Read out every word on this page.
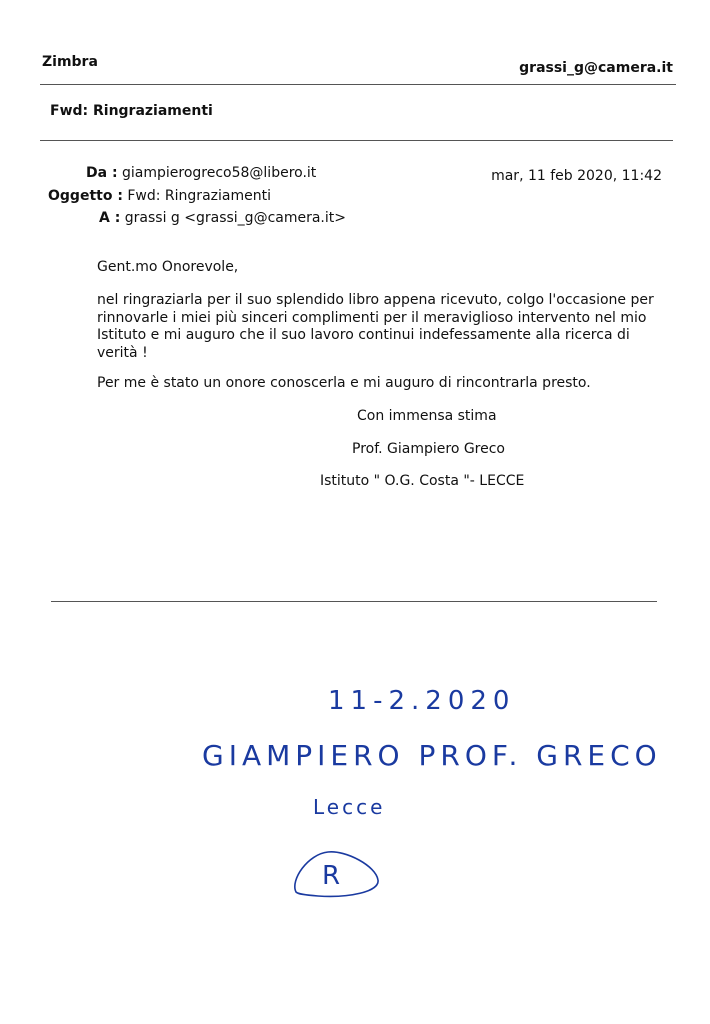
Zimbra	grassi_g@camera.it
Fwd: Ringraziamenti
Da : giampierogreco58@libero.it	mar, 11 feb 2020, 11:42
Oggetto : Fwd: Ringraziamenti
A : grassi g <grassi_g@camera.it>
Gent.mo Onorevole,
nel ringraziarla per il suo splendido libro appena ricevuto, colgo l'occasione per
rinnovarle i miei più sinceri complimenti per il meraviglioso intervento nel mio
Istituto e mi auguro che il suo lavoro continui indefessamente alla ricerca di
verità !
Per me è stato un onore conoscerla e mi auguro di rincontrarla presto.
Con immensa stima
Prof. Giampiero Greco
Istituto " O.G. Costa "- LECCE
11-2.2020
GIAMPIERO PROF. GRECO
Lecce
R
